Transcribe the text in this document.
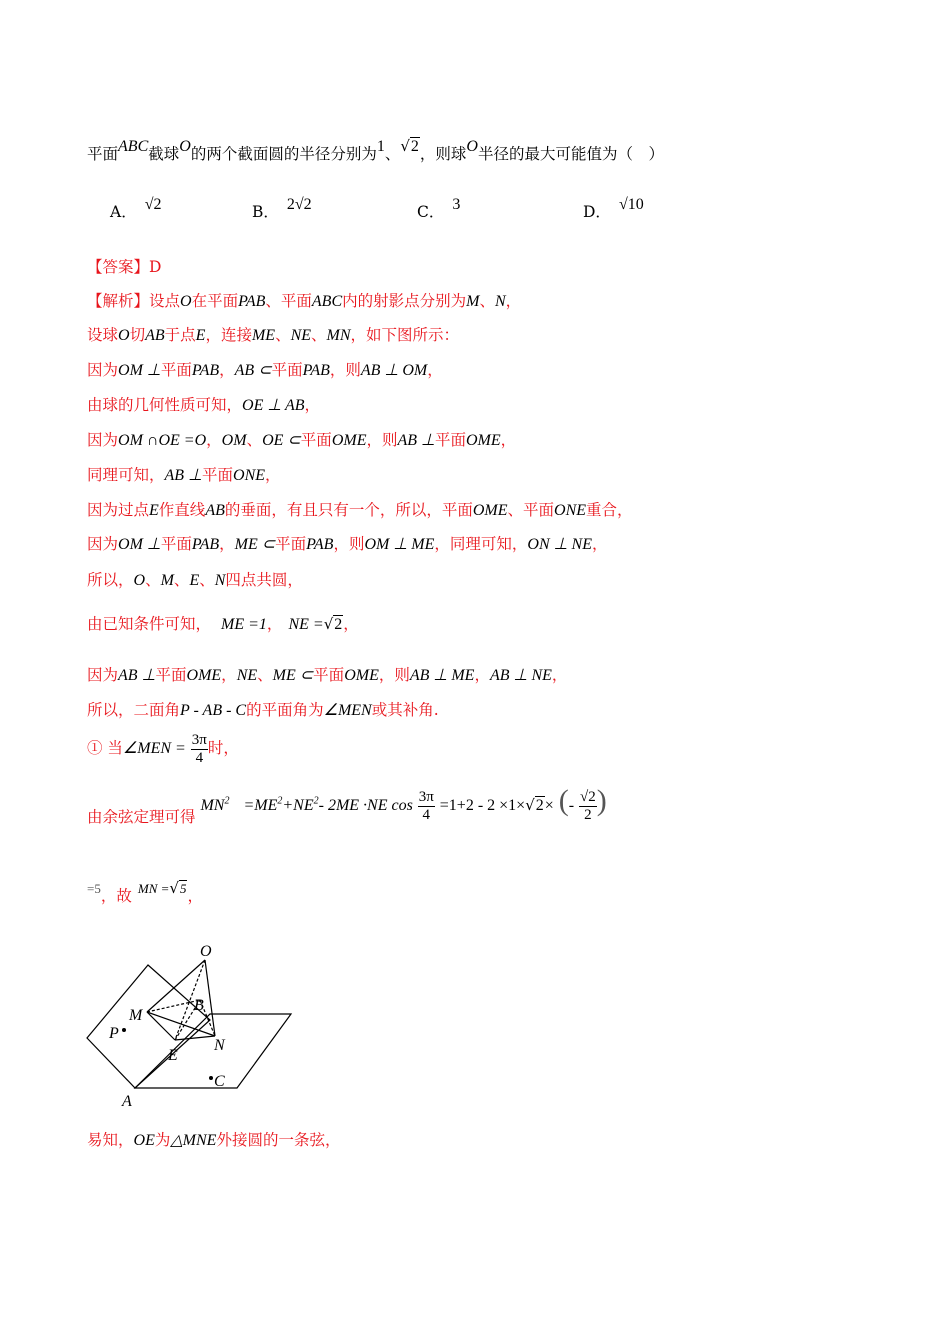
平面ABC截球O的两个截面圆的半径分别为1、√2，则球O半径的最大可能值为（　）
A． √2	B． 2√2	C． 3	D． √10
【答案】D
【解析】设点O在平面PAB、平面ABC内的射影点分别为M、N，
设球O切AB于点E，连接ME、NE、MN，如下图所示：
因为OM ⊥平面PAB，AB ⊂平面PAB，则AB ⊥ OM，
由球的几何性质可知，OE ⊥ AB，
因为OM ∩OE =O，OM、OE ⊂平面OME，则AB ⊥平面OME，
同理可知，AB ⊥平面ONE，
因为过点E作直线AB的垂面，有且只有一个，所以，平面OME、平面ONE重合，
因为OM ⊥平面PAB，ME ⊂平面PAB，则OM ⊥ ME，同理可知，ON ⊥ NE，
所以，O、M、E、N四点共圆，
由已知条件可知， ME =1， NE =√2，
因为AB ⊥平面OME，NE、ME ⊂平面OME，则AB ⊥ ME，AB ⊥ NE，
所以，二面角P - AB - C的平面角为∠MEN或其补角.
① 当∠MEN = $\frac{3\pi}{4}$ 时，
由余弦定理可得 $MN^2 =ME^2+NE^2-$ 2ME ·NE $\cos \frac{3\pi}{4} =1+2 - 2 \times 1\times√2\times$ (- $\frac{√2}{2}$ )
$^{=5}$，故 $^{MN =√5}$，
O
M
B
P
N
E
C
A
易知，OE为△MNE外接圆的一条弦，
